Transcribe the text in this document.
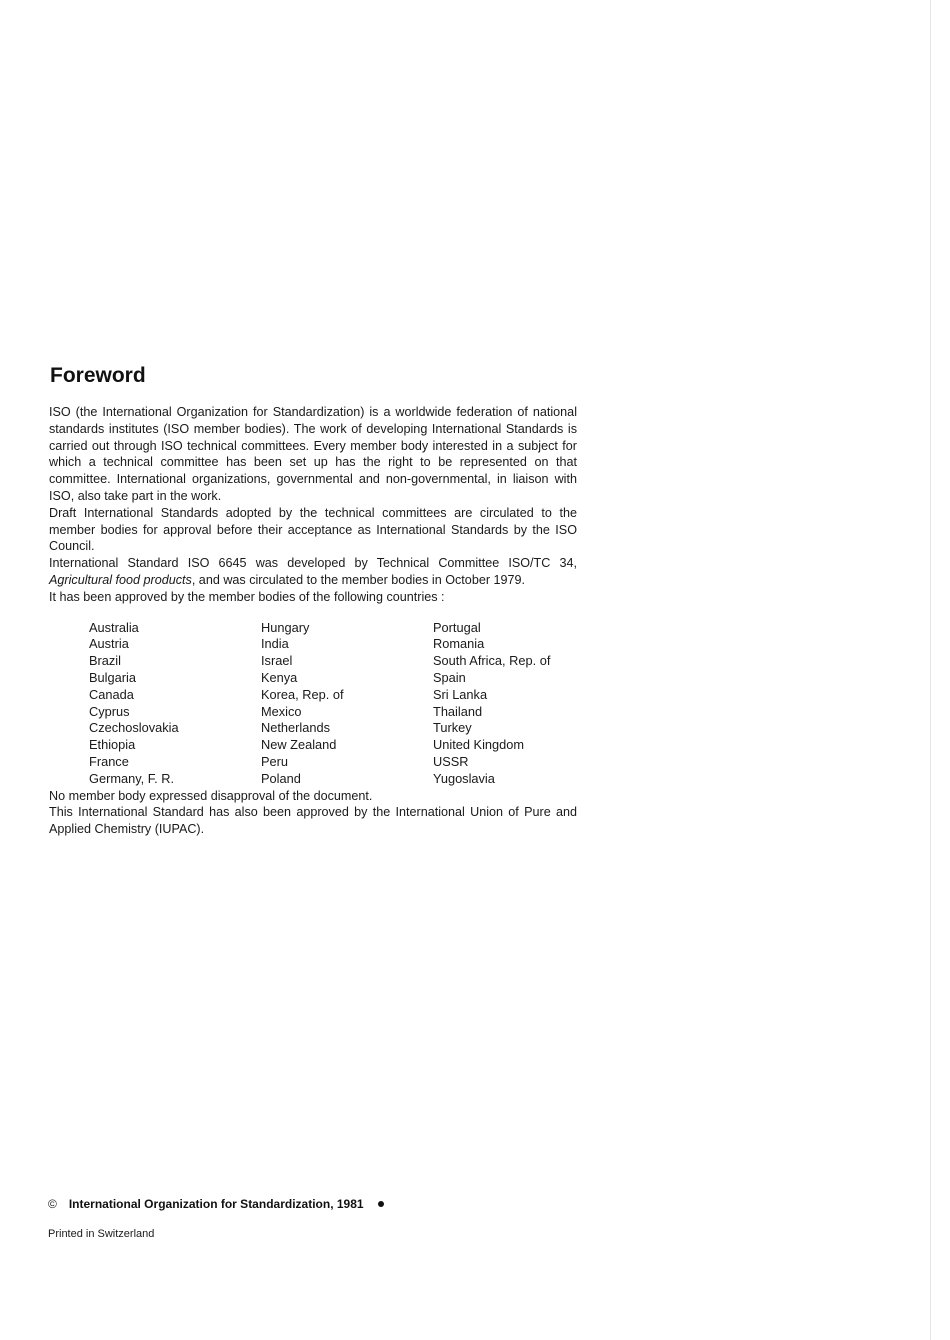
Foreword

ISO (the International Organization for Standardization) is a worldwide federation of national standards institutes (ISO member bodies). The work of developing International Standards is carried out through ISO technical committees. Every member body interested in a subject for which a technical committee has been set up has the right to be represented on that committee. International organizations, governmental and non-governmental, in liaison with ISO, also take part in the work.

Draft International Standards adopted by the technical committees are circulated to the member bodies for approval before their acceptance as International Standards by the ISO Council.

International Standard ISO 6645 was developed by Technical Committee ISO/TC 34, Agricultural food products, and was circulated to the member bodies in October 1979.

It has been approved by the member bodies of the following countries :

Australia
Austria
Brazil
Bulgaria
Canada
Cyprus
Czechoslovakia
Ethiopia
France
Germany, F. R.
Hungary
India
Israel
Kenya
Korea, Rep. of
Mexico
Netherlands
New Zealand
Peru
Poland
Portugal
Romania
South Africa, Rep. of
Spain
Sri Lanka
Thailand
Turkey
United Kingdom
USSR
Yugoslavia

No member body expressed disapproval of the document.

This International Standard has also been approved by the International Union of Pure and Applied Chemistry (IUPAC).

© International Organization for Standardization, 1981
Printed in Switzerland
